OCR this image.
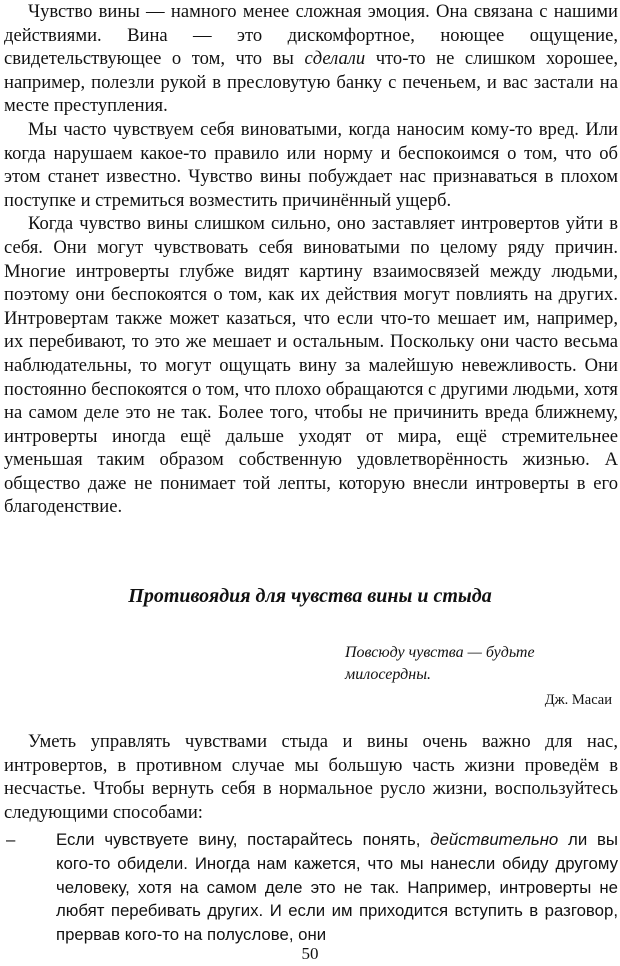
Чувство вины — намного менее сложная эмоция. Она связана с нашими действиями. Вина — это дискомфортное, ноющее ощущение, свидетельствующее о том, что вы сделали что-то не слишком хорошее, например, полезли рукой в пресловутую банку с печеньем, и вас застали на месте преступления.

Мы часто чувствуем себя виноватыми, когда наносим кому-то вред. Или когда нарушаем какое-то правило или норму и беспокоимся о том, что об этом станет известно. Чувство вины побуждает нас признаваться в плохом поступке и стремиться возместить причинённый ущерб.

Когда чувство вины слишком сильно, оно заставляет интровертов уйти в себя. Они могут чувствовать себя виноватыми по целому ряду причин. Многие интроверты глубже видят картину взаимосвязей между людьми, поэтому они беспокоятся о том, как их действия могут повлиять на других. Интровертам также может казаться, что если что-то мешает им, например, их перебивают, то это же мешает и остальным. Поскольку они часто весьма наблюдательны, то могут ощущать вину за малейшую невежливость. Они постоянно беспокоятся о том, что плохо обращаются с другими людьми, хотя на самом деле это не так. Более того, чтобы не причинить вреда ближнему, интроверты иногда ещё дальше уходят от мира, ещё стремительнее уменьшая таким образом собственную удовлетворённость жизнью. А общество даже не понимает той лепты, которую внесли интроверты в его благоденствие.

Противоядия для чувства вины и стыда
Повсюду чувства — будьте милосердны.
Дж. Масаи

Уметь управлять чувствами стыда и вины очень важно для нас, интровертов, в противном случае мы большую часть жизни проведём в несчастье. Чтобы вернуть себя в нормальное русло жизни, воспользуйтесь следующими способами:

– Если чувствуете вину, постарайтесь понять, действительно ли вы кого-то обидели. Иногда нам кажется, что мы нанесли обиду другому человеку, хотя на самом деле это не так. Например, интроверты не любят перебивать других. И если им приходится вступить в разговор, прервав кого-то на полуслове, они
50
